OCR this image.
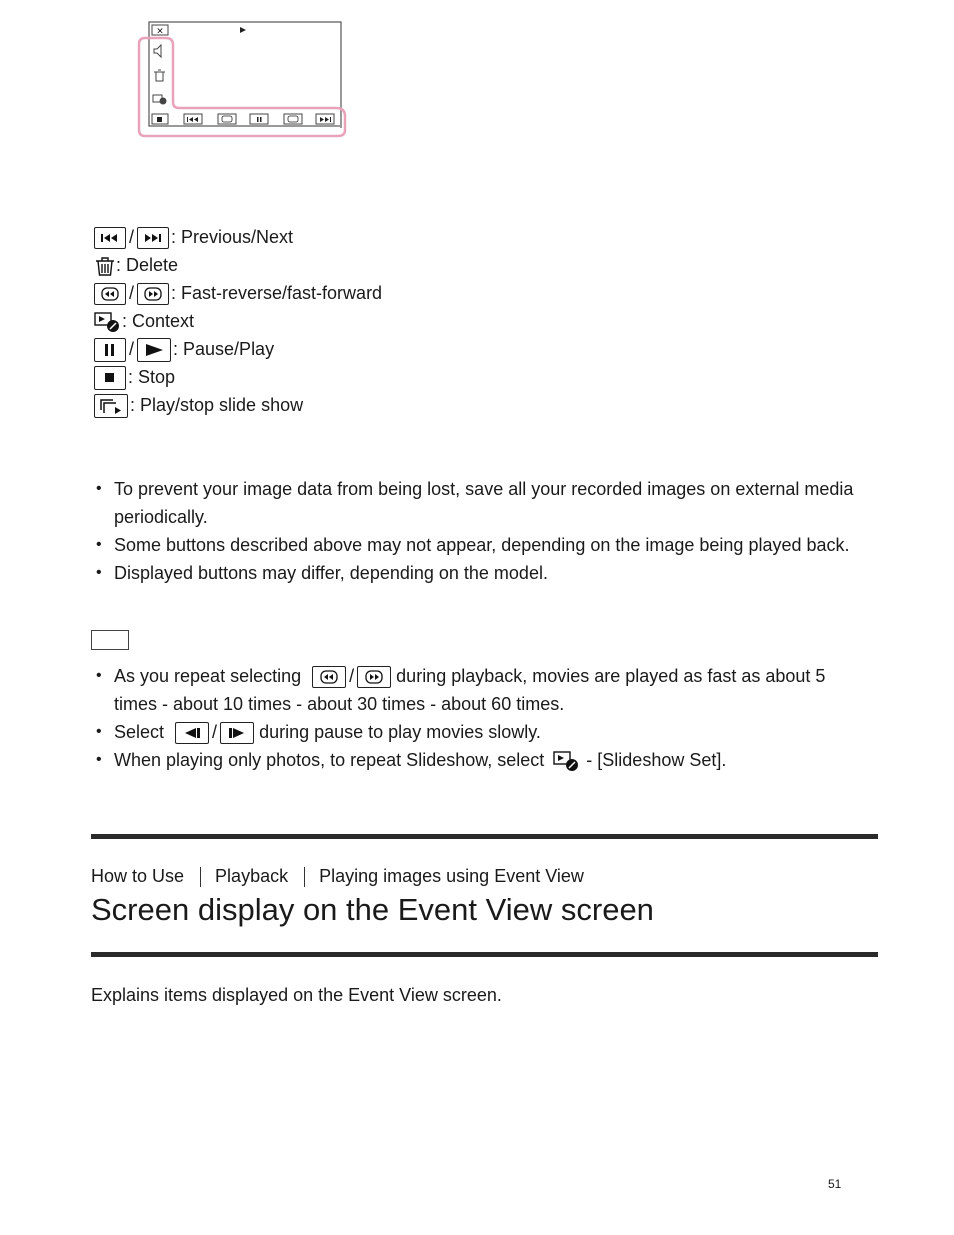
×
/ : Previous/Next
: Delete
/ : Fast-reverse/fast-forward
: Context
/ : Pause/Play
: Stop
: Play/stop slide show
• To prevent your image data from being lost, save all your recorded images on external media periodically.
• Some buttons described above may not appear, depending on the image being played back.
• Displayed buttons may differ, depending on the model.
• As you repeat selecting	/ during playback, movies are played as fast as about 5
times - about 10 times - about 30 times - about 60 times.
• Select	/ during pause to play movies slowly.
• When playing only photos, to repeat Slideshow, select - [Slideshow Set].
How to Use Playback Playing images using Event View
Screen display on the Event View screen
Explains items displayed on the Event View screen.
51
